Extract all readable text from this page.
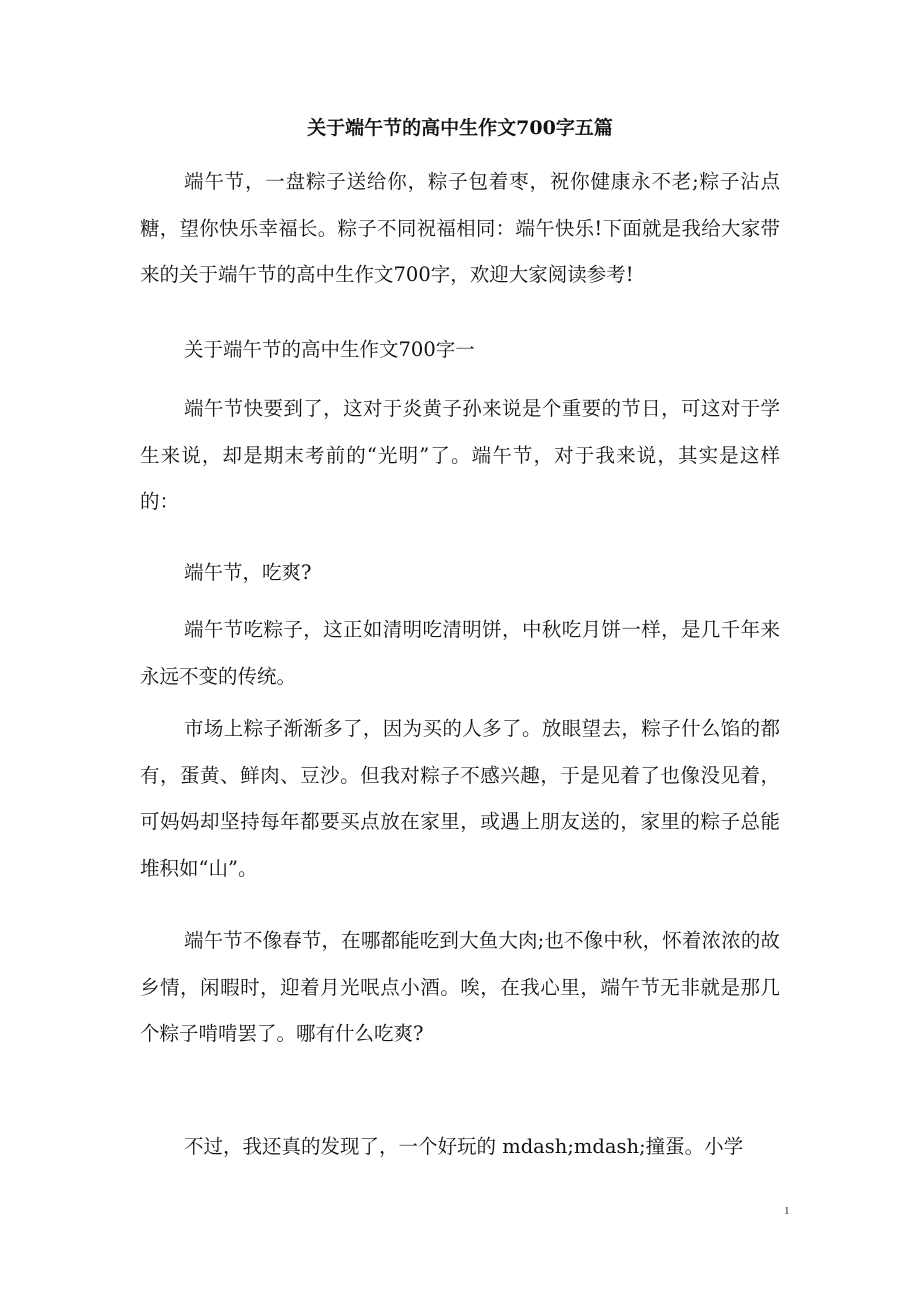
关于端午节的高中生作文700字五篇

端午节，一盘粽子送给你，粽子包着枣，祝你健康永不老;粽子沾点糖，望你快乐幸福长。粽子不同祝福相同：端午快乐!下面就是我给大家带来的关于端午节的高中生作文700字，欢迎大家阅读参考!

关于端午节的高中生作文700字一

端午节快要到了，这对于炎黄子孙来说是个重要的节日，可这对于学生来说，却是期末考前的“光明”了。端午节，对于我来说，其实是这样的：

端午节，吃爽?

端午节吃粽子，这正如清明吃清明饼，中秋吃月饼一样，是几千年来永远不变的传统。

市场上粽子渐渐多了，因为买的人多了。放眼望去，粽子什么馅的都有，蛋黄、鲜肉、豆沙。但我对粽子不感兴趣，于是见着了也像没见着，可妈妈却坚持每年都要买点放在家里，或遇上朋友送的，家里的粽子总能堆积如“山”。

端午节不像春节，在哪都能吃到大鱼大肉;也不像中秋，怀着浓浓的故乡情，闲暇时，迎着月光呡点小酒。唉，在我心里，端午节无非就是那几个粽子啃啃罢了。哪有什么吃爽?

不过，我还真的发现了，一个好玩的 mdash;mdash;撞蛋。小学

1
